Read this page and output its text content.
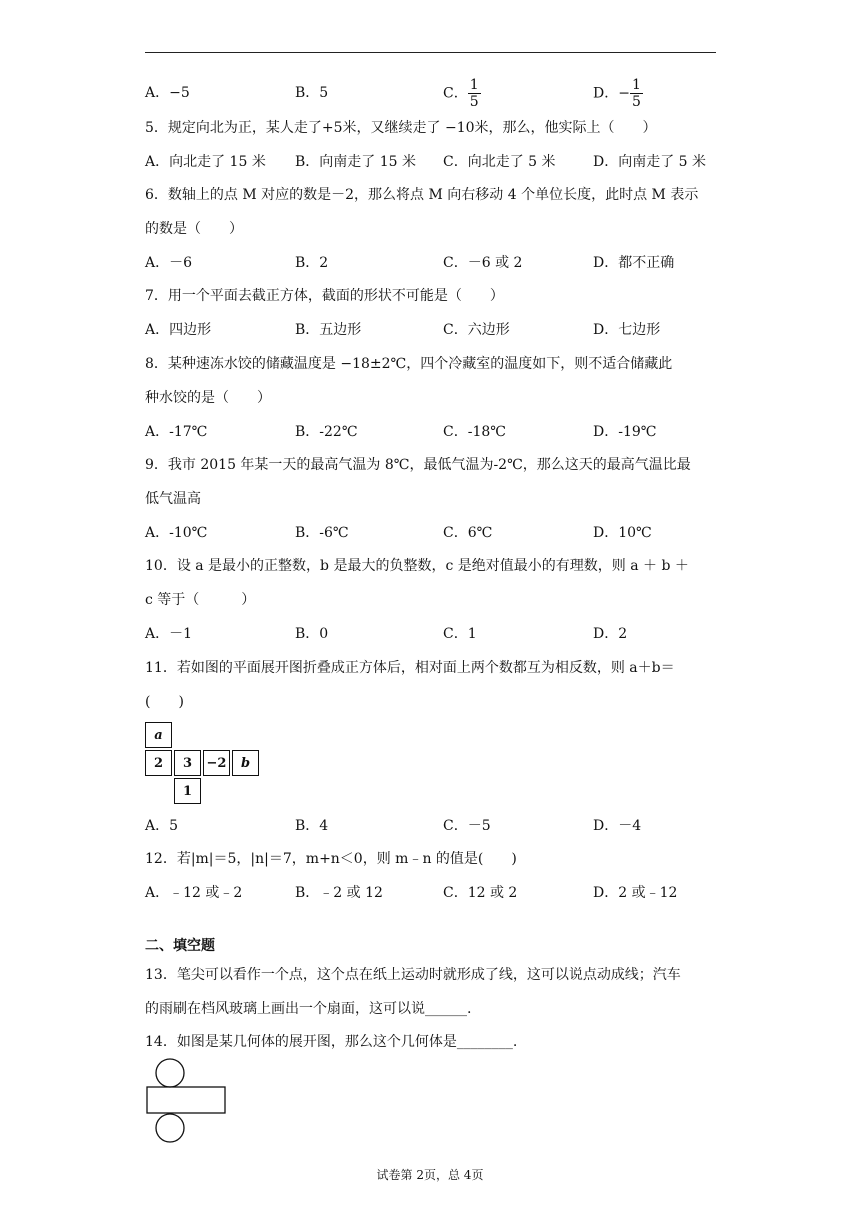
A．−5	B．5	C． $\frac{1}{5}$	D．− $\frac{1}{5}$
5．规定向北为正，某人走了+5米，又继续走了 −10米，那么，他实际上（　　）
A．向北走了 15 米 B．向南走了 15 米 C．向北走了 5 米	D．向南走了 5 米
6．数轴上的点 M 对应的数是－2，那么将点 M 向右移动 4 个单位长度，此时点 M 表示
的数是（　　）
A．－6	B．2	C．－6 或 2	D．都不正确
7．用一个平面去截正方体，截面的形状不可能是（　　）
A．四边形	B．五边形	C．六边形	D．七边形
8．某种速冻水饺的储藏温度是 −18±2℃，四个冷藏室的温度如下，则不适合储藏此
种水饺的是（　　）
A．-17℃	B．-22℃	C．-18℃	D．-19℃
9．我市 2015 年某一天的最高气温为 8℃，最低气温为-2℃，那么这天的最高气温比最
低气温高
A．-10℃	B．-6℃	C．6℃	D．10℃
10．设 a 是最小的正整数，b 是最大的负整数，c 是绝对值最小的有理数，则 a ＋ b ＋
c 等于（　　　）
A．－1	B．0	C．1	D．2
11．若如图的平面展开图折叠成正方体后，相对面上两个数都互为相反数，则 a＋b＝
(　　)
a
2	3	−2	b
1
A．5	B．4	C．－5	D．－4
12．若|m|＝5，|n|＝7，m+n＜0，则 m﹣n 的值是(　　)
A．﹣12 或﹣2	B．﹣2 或 12	C．12 或 2	D．2 或﹣12
二、填空题
13．笔尖可以看作一个点，这个点在纸上运动时就形成了线，这可以说点动成线；汽车
的雨刷在档风玻璃上画出一个扇面，这可以说______.
14．如图是某几何体的展开图，那么这个几何体是________.
试卷第 2页，总 4页
